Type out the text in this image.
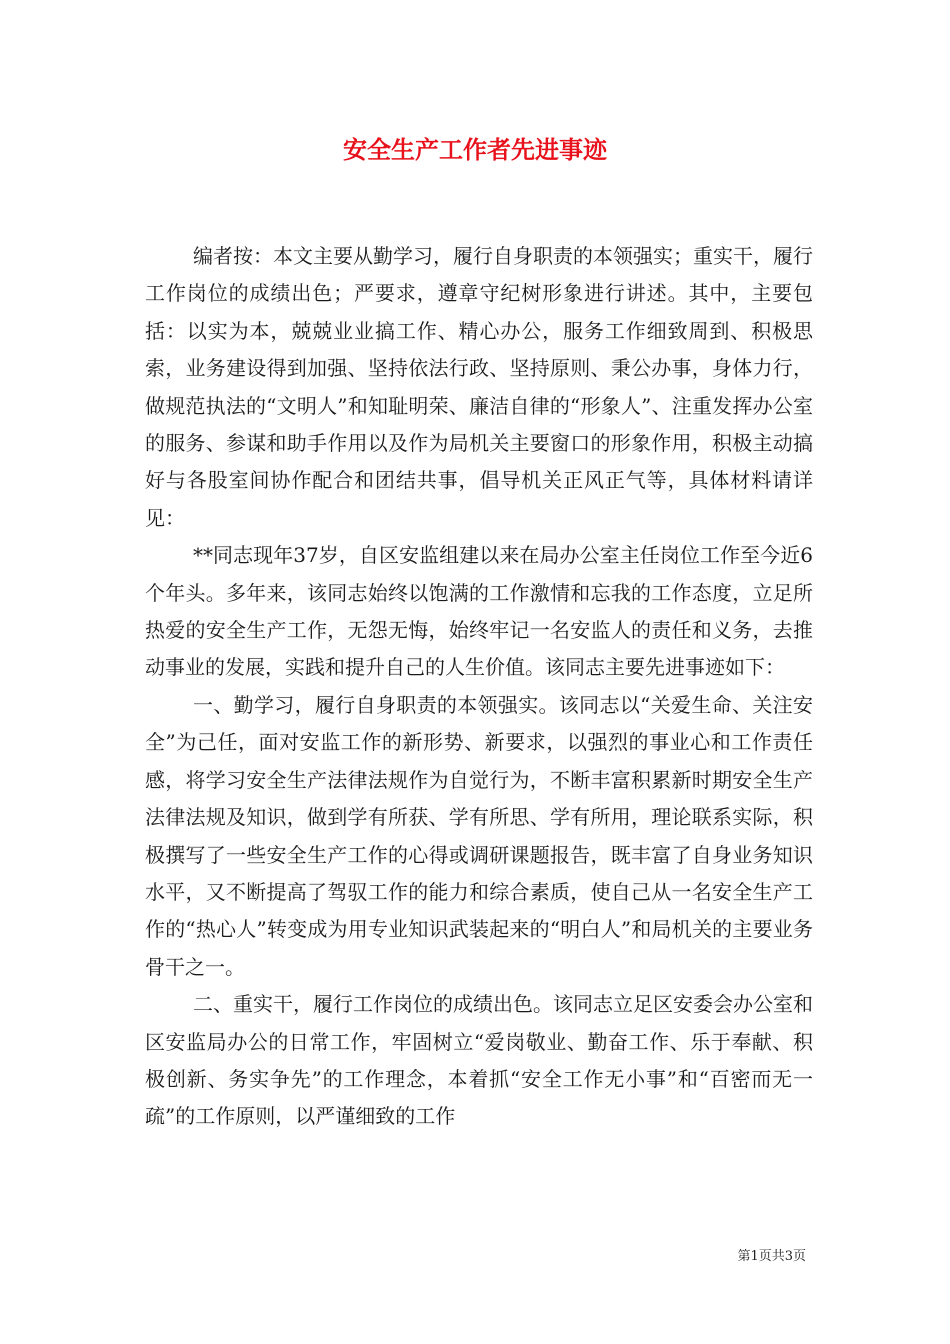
安全生产工作者先进事迹

编者按：本文主要从勤学习，履行自身职责的本领强实；重实干，履行工作岗位的成绩出色；严要求，遵章守纪树形象进行讲述。其中，主要包括：以实为本，兢兢业业搞工作、精心办公，服务工作细致周到、积极思索，业务建设得到加强、坚持依法行政、坚持原则、秉公办事，身体力行，做规范执法的“文明人”和知耻明荣、廉洁自律的“形象人”、注重发挥办公室的服务、参谋和助手作用以及作为局机关主要窗口的形象作用，积极主动搞好与各股室间协作配合和团结共事，倡导机关正风正气等，具体材料请详见：

**同志现年37岁，自区安监组建以来在局办公室主任岗位工作至今近6个年头。多年来，该同志始终以饱满的工作激情和忘我的工作态度，立足所热爱的安全生产工作，无怨无悔，始终牢记一名安监人的责任和义务，去推动事业的发展，实践和提升自己的人生价值。该同志主要先进事迹如下：

一、勤学习，履行自身职责的本领强实。该同志以“关爱生命、关注安全”为己任，面对安监工作的新形势、新要求，以强烈的事业心和工作责任感，将学习安全生产法律法规作为自觉行为，不断丰富积累新时期安全生产法律法规及知识，做到学有所获、学有所思、学有所用，理论联系实际，积极撰写了一些安全生产工作的心得或调研课题报告，既丰富了自身业务知识水平，又不断提高了驾驭工作的能力和综合素质，使自己从一名安全生产工作的“热心人”转变成为用专业知识武装起来的“明白人”和局机关的主要业务骨干之一。

二、重实干，履行工作岗位的成绩出色。该同志立足区安委会办公室和区安监局办公的日常工作，牢固树立“爱岗敬业、勤奋工作、乐于奉献、积极创新、务实争先”的工作理念，本着抓“安全工作无小事”和“百密而无一疏”的工作原则，以严谨细致的工作

第1页共3页
